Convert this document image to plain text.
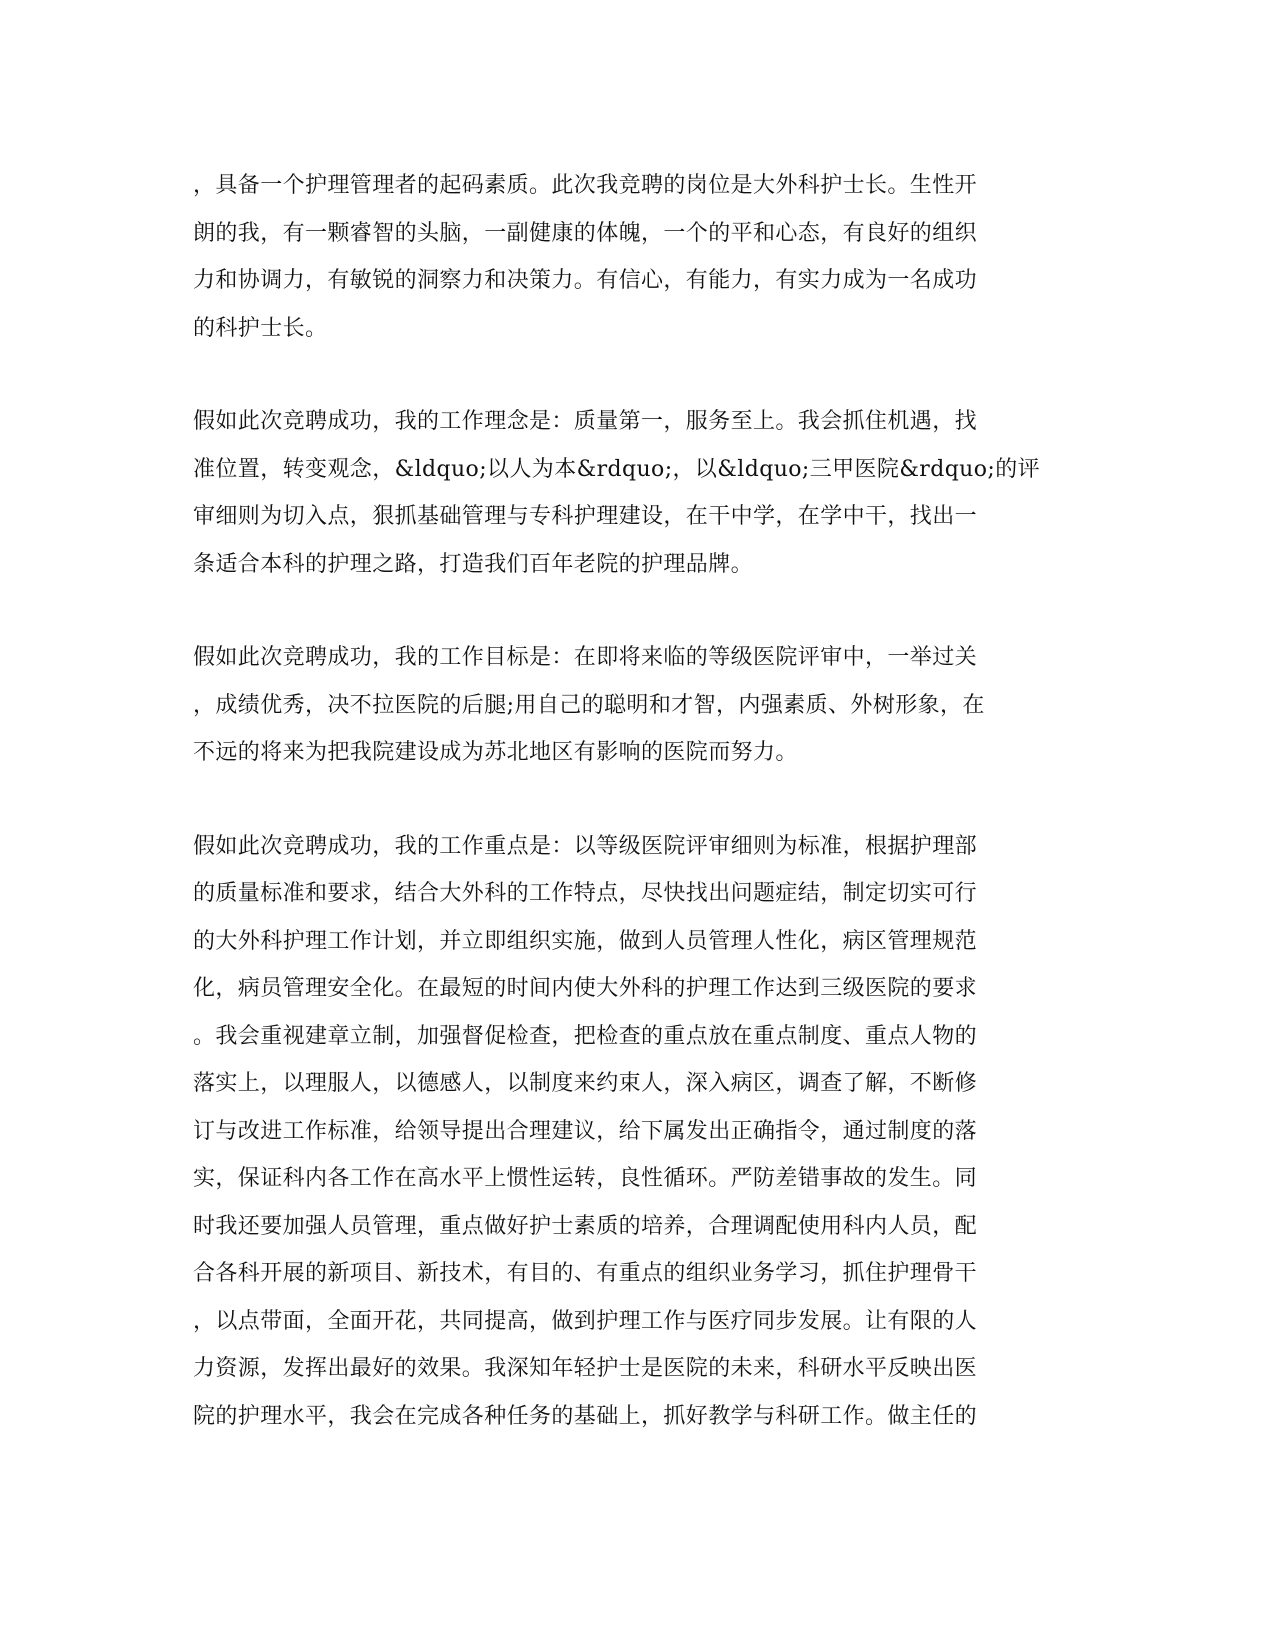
，具备一个护理管理者的起码素质。此次我竞聘的岗位是大外科护士长。生性开
朗的我，有一颗睿智的头脑，一副健康的体魄，一个的平和心态，有良好的组织
力和协调力，有敏锐的洞察力和决策力。有信心，有能力，有实力成为一名成功
的科护士长。
假如此次竞聘成功，我的工作理念是：质量第一，服务至上。我会抓住机遇，找
准位置，转变观念，&ldquo;以人为本&rdquo;，以&ldquo;三甲医院&rdquo;的评
审细则为切入点，狠抓基础管理与专科护理建设，在干中学，在学中干，找出一
条适合本科的护理之路，打造我们百年老院的护理品牌。
假如此次竞聘成功，我的工作目标是：在即将来临的等级医院评审中，一举过关
，成绩优秀，决不拉医院的后腿;用自己的聪明和才智，内强素质、外树形象，在
不远的将来为把我院建设成为苏北地区有影响的医院而努力。
假如此次竞聘成功，我的工作重点是：以等级医院评审细则为标准，根据护理部
的质量标准和要求，结合大外科的工作特点，尽快找出问题症结，制定切实可行
的大外科护理工作计划，并立即组织实施，做到人员管理人性化，病区管理规范
化，病员管理安全化。在最短的时间内使大外科的护理工作达到三级医院的要求
。我会重视建章立制，加强督促检查，把检查的重点放在重点制度、重点人物的
落实上，以理服人，以德感人，以制度来约束人，深入病区，调查了解，不断修
订与改进工作标准，给领导提出合理建议，给下属发出正确指令，通过制度的落
实，保证科内各工作在高水平上惯性运转，良性循环。严防差错事故的发生。同
时我还要加强人员管理，重点做好护士素质的培养，合理调配使用科内人员，配
合各科开展的新项目、新技术，有目的、有重点的组织业务学习，抓住护理骨干
，以点带面，全面开花，共同提高，做到护理工作与医疗同步发展。让有限的人
力资源，发挥出最好的效果。我深知年轻护士是医院的未来，科研水平反映出医
院的护理水平，我会在完成各种任务的基础上，抓好教学与科研工作。做主任的
